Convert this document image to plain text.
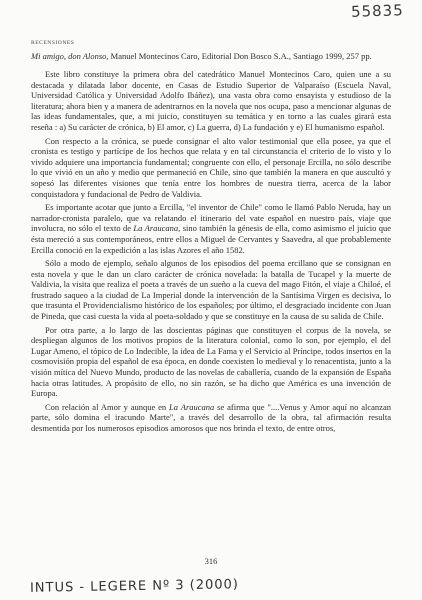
55835
RECENSIONES

Mi amigo, don Alonso, Manuel Montecinos Caro, Editorial Don Bosco S.A., Santiago 1999, 257 pp.

Este libro constituye la primera obra del catedrático Manuel Montecinos Caro, quien une a su destacada y dilatada labor docente, en Casas de Estudio Superior de Valparaíso (Escuela Naval, Universidad Católica y Universidad Adolfo Ibáñez), una vasta obra como ensayista y estudioso de la literatura; ahora bien y a manera de adentrarnos en la novela que nos ocupa, paso a mencionar algunas de las ideas fundamentales, que, a mi juicio, constituyen su temática y en torno a las cuales girará esta reseña : a) Su carácter de crónica, b) El amor, c) La guerra, d) La fundación y e) El humanismo español.

Con respecto a la crónica, se puede consignar el alto valor testimonial que ella posee, ya que el cronista es testigo y partícipe de los hechos que relata y en tal circunstancia el criterio de lo visto y lo vivido adquiere una importancia fundamental; congruente con ello, el personaje Ercilla, no sólo describe lo que vivió en un año y medio que permaneció en Chile, sino que también la manera en que auscultó y sopesó las diferentes visiones que tenía entre los hombres de nuestra tierra, acerca de la labor conquistadora y fundacional de Pedro de Valdivia.

Es importante acotar que junto a Ercilla, "el inventor de Chile" como le llamó Pablo Neruda, hay un narrador-cronista paralelo, que va relatando el itinerario del vate español en nuestro país, viaje que involucra, no sólo el texto de La Araucana, sino también la génesis de ella, como asimismo el juicio que ésta mereció a sus contemporáneos, entre ellos a Miguel de Cervantes y Saavedra, al que probablemente Ercilla conoció en la expedición a las islas Azores el año 1582.

Sólo a modo de ejemplo, señalo algunos de los episodios del poema ercillano que se consignan en esta novela y que le dan un claro carácter de crónica novelada: la batalla de Tucapel y la muerte de Valdivia, la visita que realiza el poeta a través de un sueño a la cueva del mago Fitón, el viaje a Chiloé, el frustrado saqueo a la ciudad de La Imperial donde la intervención de la Santísima Virgen es decisiva, lo que trasunta el Providencialismo histórico de los españoles; por último, el desgraciado incidente con Juan de Pineda, que casi cuesta la vida al poeta-soldado y que se constituye en la causa de su salida de Chile.

Por otra parte, a lo largo de las doscientas páginas que constituyen el corpus de la novela, se despliegan algunos de los motivos propios de la literatura colonial, como lo son, por ejemplo, el del Lugar Ameno, el tópico de Lo Indecible, la idea de La Fama y el Servicio al Príncipe, todos insertos en la cosmovisión propia del español de esa época, en donde coexisten lo medieval y lo renacentista, junto a la visión mítica del Nuevo Mundo, producto de las novelas de caballería, cuando de la expansión de España hacia otras latitudes. A propósito de ello, no sin razón, se ha dicho que América es una invención de Europa.

Con relación al Amor y aunque en La Araucana se afirma que "....Venus y Amor aquí no alcanzan parte, sólo domina el iracundo Marte", a través del desarrollo de la obra, tal afirmación resulta desmentida por los numerosos episodios amorosos que nos brinda el texto, de entre otros,

316
INTUS - LEGERE Nº 3 (2000)
